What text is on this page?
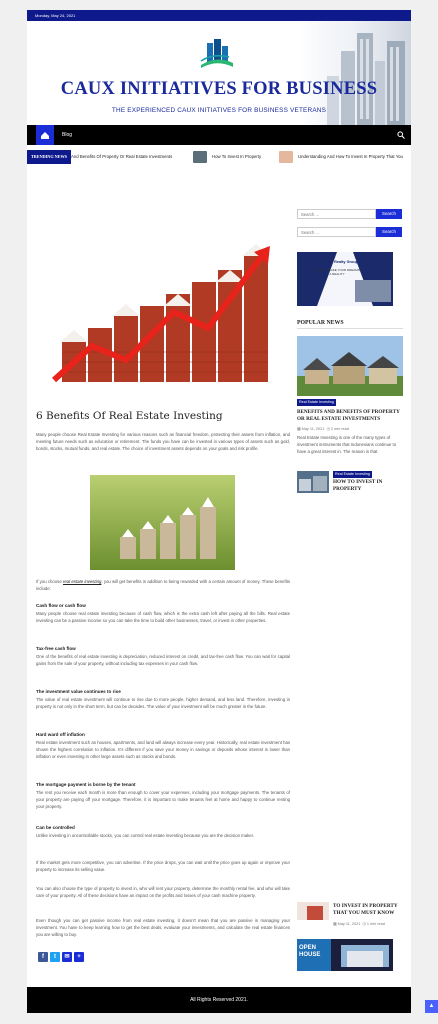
Monday, May 24, 2021
CAUX INITIATIVES FOR BUSINESS
THE EXPERIENCED CAUX INITIATIVES FOR BUSINESS VETERANS
Blog
TRENDING NEWS And Benefits Of Property Or Real Estate Investments	How To Invest In Property	Understanding And How To Invest In Property That You
6 Benefits Of Real Estate Investing
Many people choose Real Estate Investing for various reasons such as financial freedom, protecting their assets from inflation, and meeting future needs such as education or retirement. The funds you have can be invested in various types of assets such as gold, bonds, stocks, mutual funds, and real estate. The choice of investment assets depends on your goals and risk profile.
If you choose real estate investing, you will get benefits in addition to being rewarded with a certain amount of money. These benefits include:
Cash flow or cash flow
Many people choose real estate investing because of cash flow, which is the extra cash left after paying all the bills. Real estate investing can be a passive income so you can take the time to build other businesses, travel, or invest in other properties.
Tax-free cash flow
One of the benefits of real estate investing is depreciation, reduced interest on credit, and tax-free cash flow. You can wait for capital gains from the sale of your property, without including tax expenses in your cash flow.
The investment value continues to rise
The value of real estate investment will continue to rise due to more people, higher demand, and less land. Therefore, investing in property is not only in the short term, but can be decades. The value of your investment will be much greater in the future.
Hard ward off inflation
Real estate investment such as houses, apartments, and land will always increase every year. Historically, real estate investment has shown the highest correlation to inflation. It's different if you save your money in savings or deposits whose interest is lower than inflation or even investing in other large assets such as stocks and bonds.
The mortgage payment is borne by the tenant
The rent you receive each month is more than enough to cover your expenses, including your mortgage payments. The tenants of your property are paying off your mortgage. Therefore, it is important to make tenants feel at home and happy to continue renting your property.
Can be controlled
Unlike investing in uncontrollable stocks, you can control real estate investing because you are the decision maker.
If the market gets more competitive, you can advertise. If the price drops, you can wait until the price goes up again or improve your property to increase its selling value.
You can also choose the type of property to invest in, who will rent your property, determine the monthly rental fee, and who will take care of your property. All of these decisions have an impact on the profits and losses of your cash machine property.
Even though you can get passive income from real estate investing, it doesn't mean that you are passive in managing your investment. You have to keep learning how to get the best deals, evaluate your investments, and calculate the real estate finances you are willing to buy.
f	t	✉	+
Search ...
Search
Search ...
Search
Nature's Realty Group
HELPING MAKE YOUR DREAMS A REALITY
POPULAR NEWS
Real Estate Investing
BENEFITS AND BENEFITS OF PROPERTY OR REAL ESTATE INVESTMENTS
▦ May 11, 2021 ◷ 2 min read
Real Estate Investing is one of the many types of investment instruments that Indonesians continue to have a great interest in. The reason is that
Real Estate Investing
HOW TO INVEST IN PROPERTY
TO INVEST IN PROPERTY THAT YOU MUST KNOW
▦ May 11, 2021 ◷ 1 min read
OPEN HOUSE
All Rights Reserved 2021.
▲
